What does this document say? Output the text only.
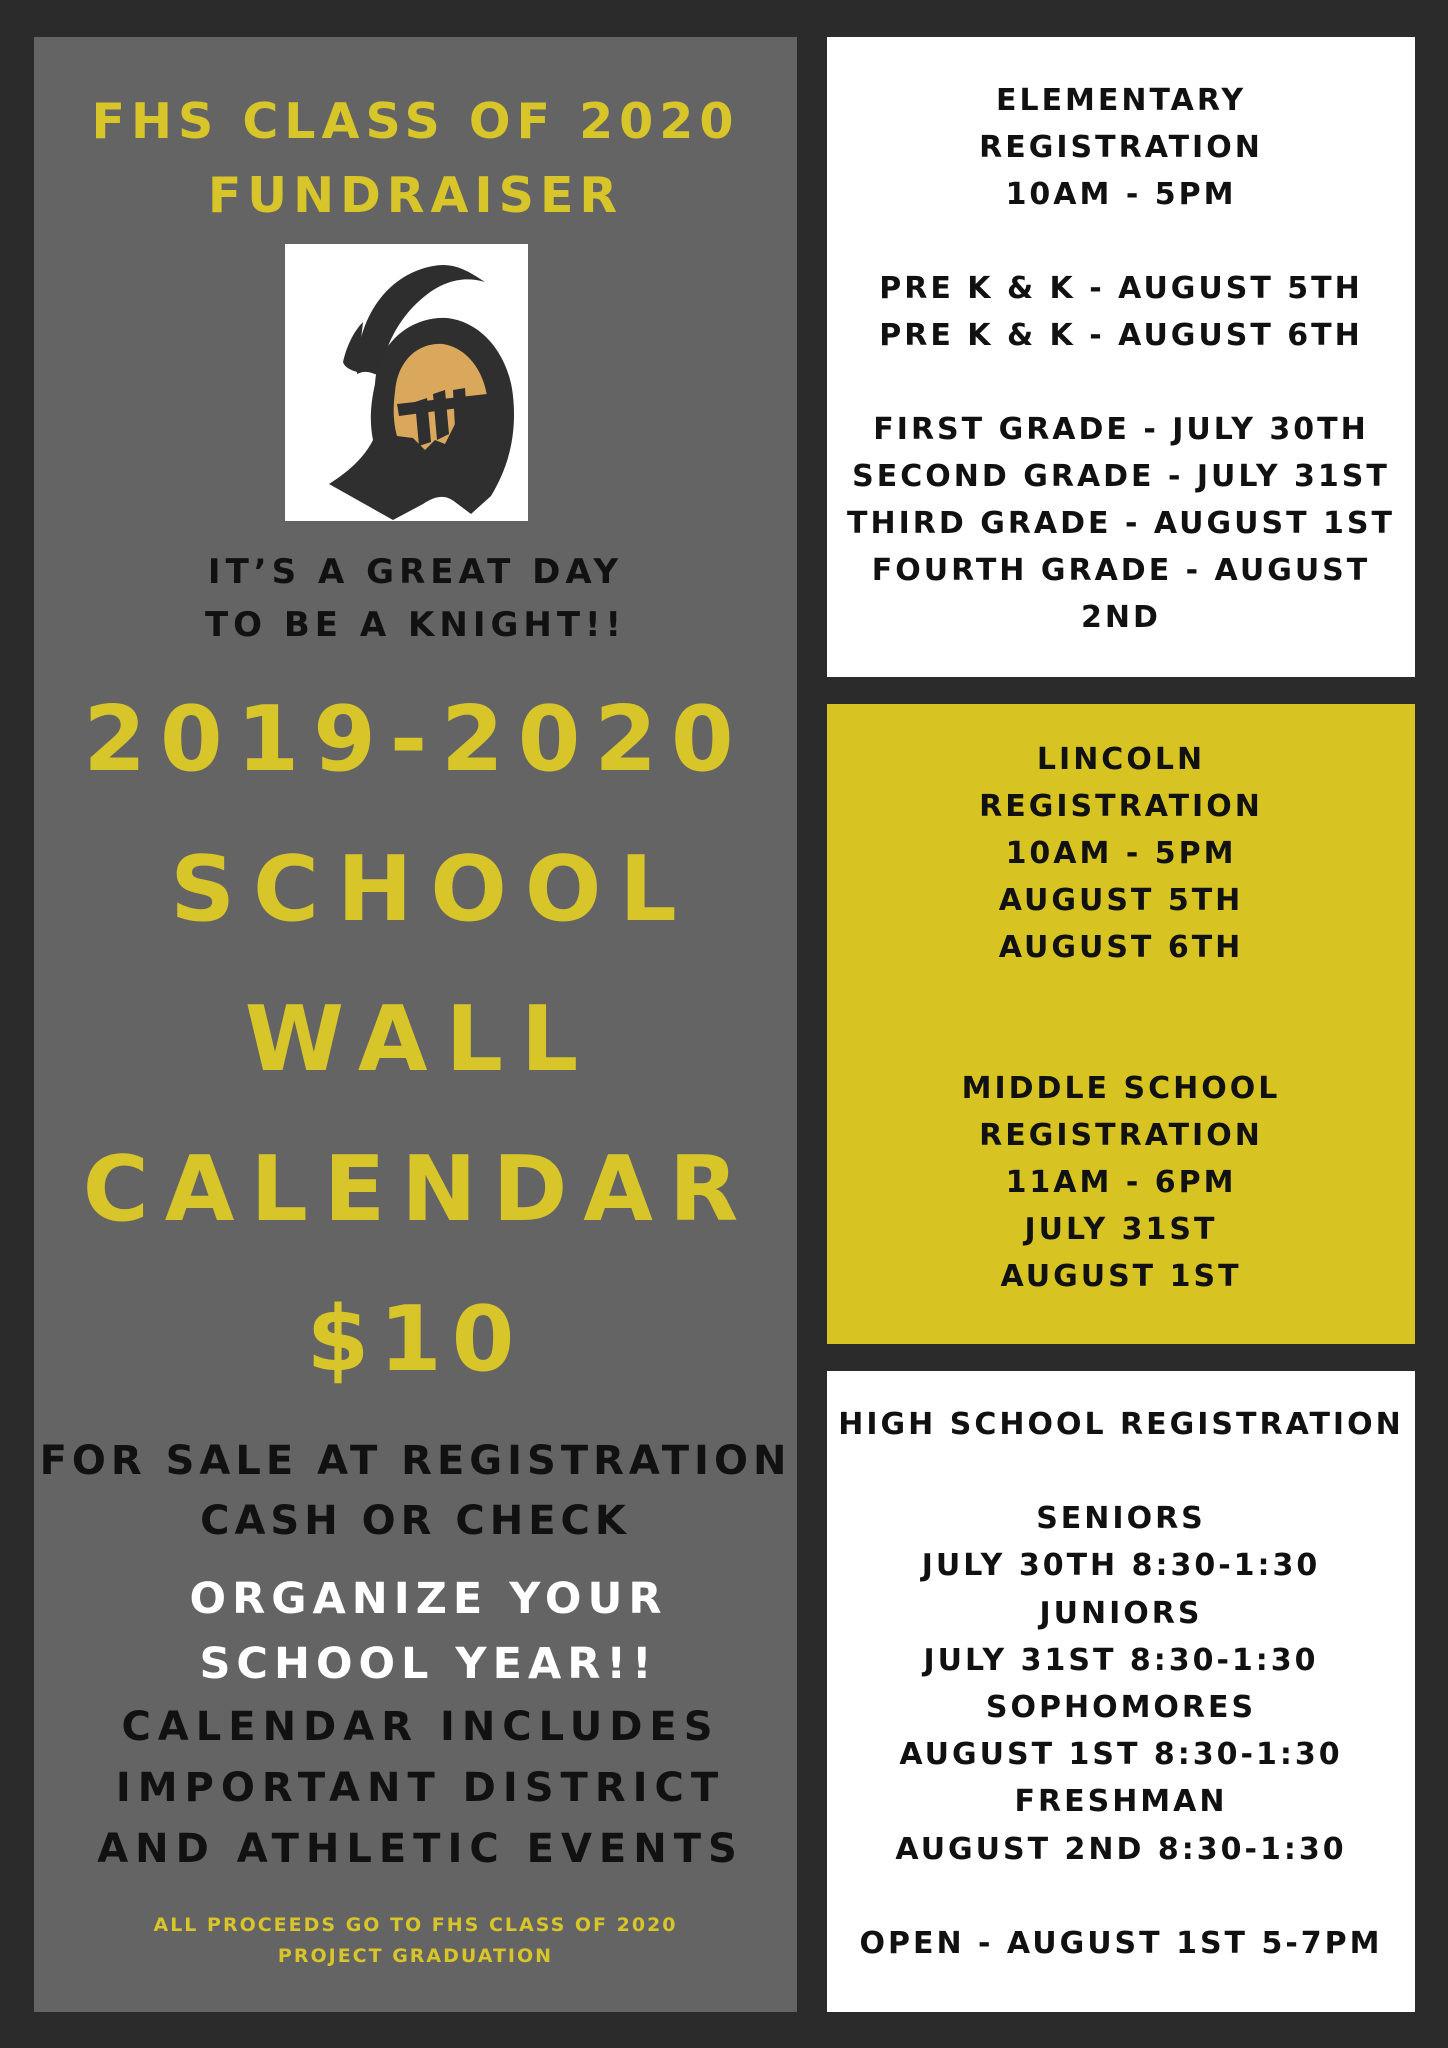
FHS CLASS OF 2020
FUNDRAISER
IT’S A GREAT DAY
TO BE A KNIGHT!!
2019-2020
SCHOOL
WALL
CALENDAR
$10
FOR SALE AT REGISTRATION
CASH OR CHECK
ORGANIZE YOUR
SCHOOL YEAR!!
CALENDAR INCLUDES
IMPORTANT DISTRICT
AND ATHLETIC EVENTS
ALL PROCEEDS GO TO FHS CLASS OF 2020
PROJECT GRADUATION
ELEMENTARY
REGISTRATION
10AM - 5PM
PRE K & K - AUGUST 5TH
PRE K & K - AUGUST 6TH
FIRST GRADE - JULY 30TH
SECOND GRADE - JULY 31ST
THIRD GRADE - AUGUST 1ST
FOURTH GRADE - AUGUST 2ND
LINCOLN
REGISTRATION
10AM - 5PM
AUGUST 5TH
AUGUST 6TH
MIDDLE SCHOOL
REGISTRATION
11AM - 6PM
JULY 31ST
AUGUST 1ST
HIGH SCHOOL REGISTRATION
SENIORS
JULY 30TH 8:30-1:30
JUNIORS
JULY 31ST 8:30-1:30
SOPHOMORES
AUGUST 1ST 8:30-1:30
FRESHMAN
AUGUST 2ND 8:30-1:30
OPEN - AUGUST 1ST 5-7PM
